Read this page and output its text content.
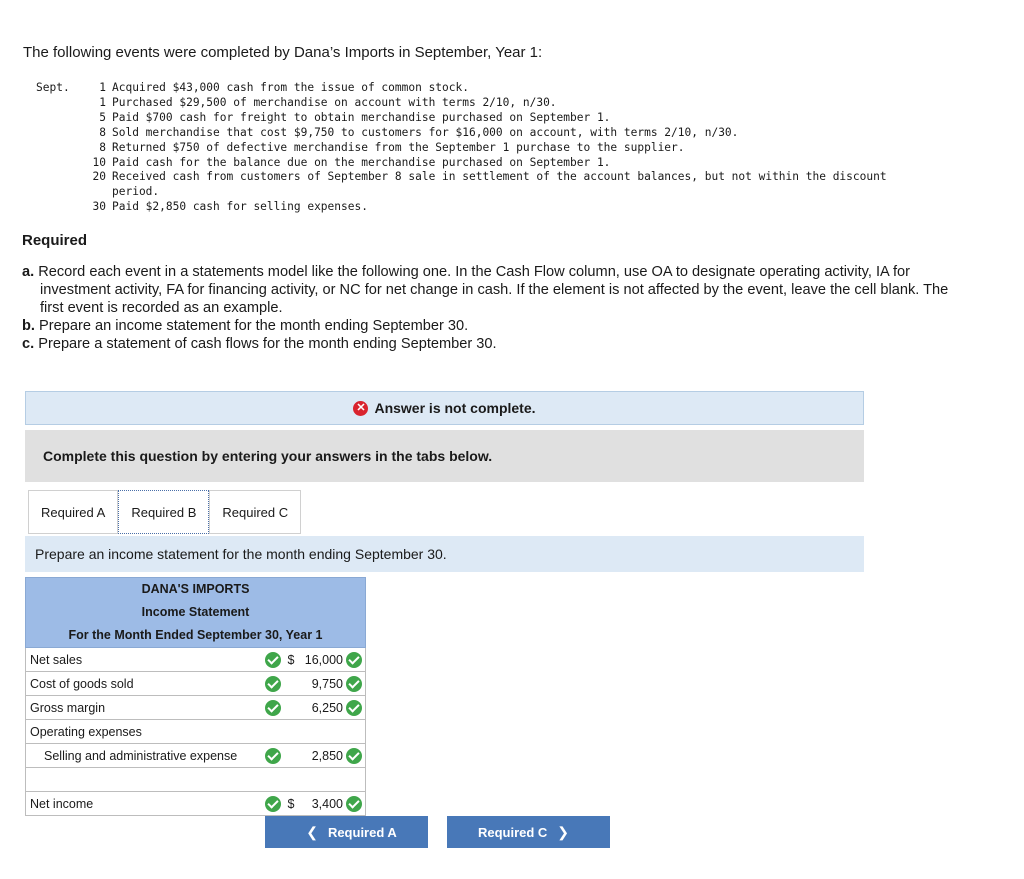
The following events were completed by Dana’s Imports in September, Year 1:
Sept.	1 Acquired $43,000 cash from the issue of common stock.
1 Purchased $29,500 of merchandise on account with terms 2/10, n/30.
5 Paid $700 cash for freight to obtain merchandise purchased on September 1.
8 Sold merchandise that cost $9,750 to customers for $16,000 on account, with terms 2/10, n/30.
8 Returned $750 of defective merchandise from the September 1 purchase to the supplier.
10 Paid cash for the balance due on the merchandise purchased on September 1.
20 Received cash from customers of September 8 sale in settlement of the account balances, but not within the discount period.
30 Paid $2,850 cash for selling expenses.
Required

a. Record each event in a statements model like the following one. In the Cash Flow column, use OA to designate operating activity, IA for investment activity, FA for financing activity, or NC for net change in cash. If the element is not affected by the event, leave the cell blank. The first event is recorded as an example.

b. Prepare an income statement for the month ending September 30.

c. Prepare a statement of cash flows for the month ending September 30.

✕ Answer is not complete.
Complete this question by entering your answers in the tabs below.
Required A	Required B	Required C
Prepare an income statement for the month ending September 30.
DANA'S IMPORTS
Income Statement
For the Month Ended September 30, Year 1
Net sales	$ 16,000
Cost of goods sold	9,750
Gross margin	6,250
Operating expenses
Selling and administrative expense	2,850
Net income	$	3,400
❮ Required A	Required C ❯
